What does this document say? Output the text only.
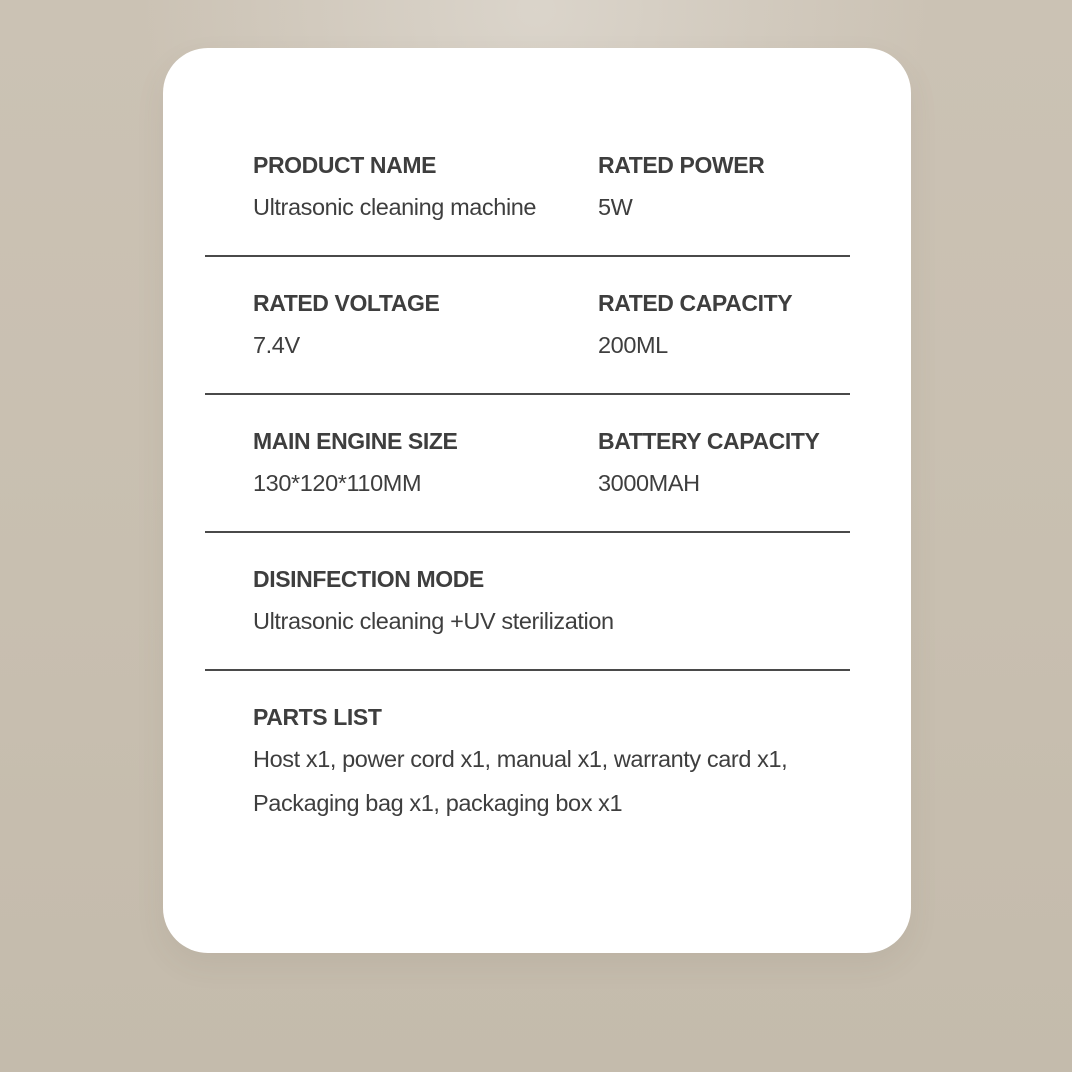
PRODUCT NAME
Ultrasonic cleaning machine
RATED POWER
5W
RATED VOLTAGE
7.4V
RATED CAPACITY
200ML
MAIN ENGINE SIZE
130*120*110MM
BATTERY CAPACITY
3000MAH
DISINFECTION MODE
Ultrasonic cleaning +UV sterilization
PARTS LIST
Host x1, power cord x1, manual x1, warranty card x1,
Packaging bag x1, packaging box x1
